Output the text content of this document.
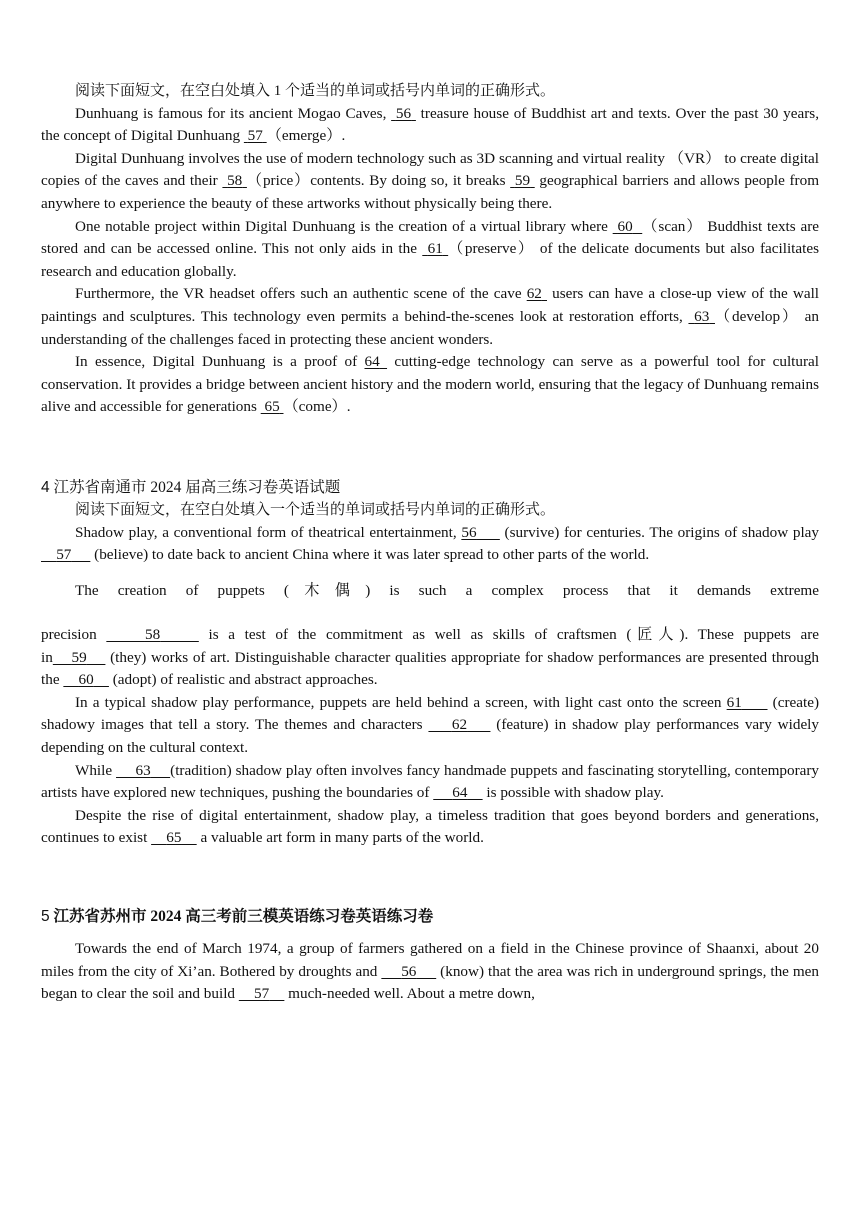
阅读下面短文，在空白处填入 1 个适当的单词或括号内单词的正确形式。

Dunhuang is famous for its ancient Mogao Caves,  56  treasure house of Buddhist art and texts. Over the past 30 years, the concept of Digital Dunhuang  57 （emerge）.

Digital Dunhuang involves the use of modern technology such as 3D scanning and virtual reality （VR） to create digital copies of the caves and their  58 （price）contents. By doing so, it breaks  59  geographical barriers and allows people from anywhere to experience the beauty of these artworks without physically being there.

One notable project within Digital Dunhuang is the creation of a virtual library where  60 （scan） Buddhist texts are stored and can be accessed online. This not only aids in the  61 （preserve） of the delicate documents but also facilitates research and education globally.

Furthermore, the VR headset offers such an authentic scene of the cave 62  users can have a close-up view of the wall paintings and sculptures. This technology even permits a behind-the-scenes look at restoration efforts,  63 （develop） an understanding of the challenges faced in protecting these ancient wonders.

In essence, Digital Dunhuang is a proof of 64  cutting-edge technology can serve as a powerful tool for cultural conservation. It provides a bridge between ancient history and the modern world, ensuring that the legacy of Dunhuang remains alive and accessible for generations  65 （come）.

4 江苏省南通市 2024 届高三练习卷英语试题

阅读下面短文，在空白处填入一个适当的单词或括号内单词的正确形式。

Shadow play, a conventional form of theatrical entertainment, 56      (survive) for centuries. The origins of shadow play    57      (believe) to date back to ancient China where it was later spread to other parts of the world.

The creation of puppets (木偶) is such a complex process that it demands extreme

precision	58	is a test of the commitment as well as skills of craftsmen (匠人). These puppets are

in 59     (they) works of art. Distinguishable character qualities appropriate for shadow performances are presented through the     60     (adopt) of realistic and abstract approaches.

In a typical shadow play performance, puppets are held behind a screen, with light cast onto the screen 61      (create) shadowy images that tell a story. The themes and characters     62     (feature) in shadow play performances vary widely depending on the cultural context.

While      63 (tradition) shadow play often involves fancy handmade puppets and fascinating storytelling, contemporary artists have explored new techniques, pushing the boundaries of      64     is possible with shadow play.

Despite the rise of digital entertainment, shadow play, a timeless tradition that goes beyond borders and generations, continues to exist     65     a valuable art form in many parts of the world.

5 江苏省苏州市 2024 高三考前三模英语练习卷英语练习卷

Towards the end of March 1974, a group of farmers gathered on a field in the Chinese province of Shaanxi, about 20 miles from the city of Xi’an. Bothered by droughts and      56      (know) that the area was rich in underground springs, the men began to clear the soil and build     57     much-needed well. About a metre down,
